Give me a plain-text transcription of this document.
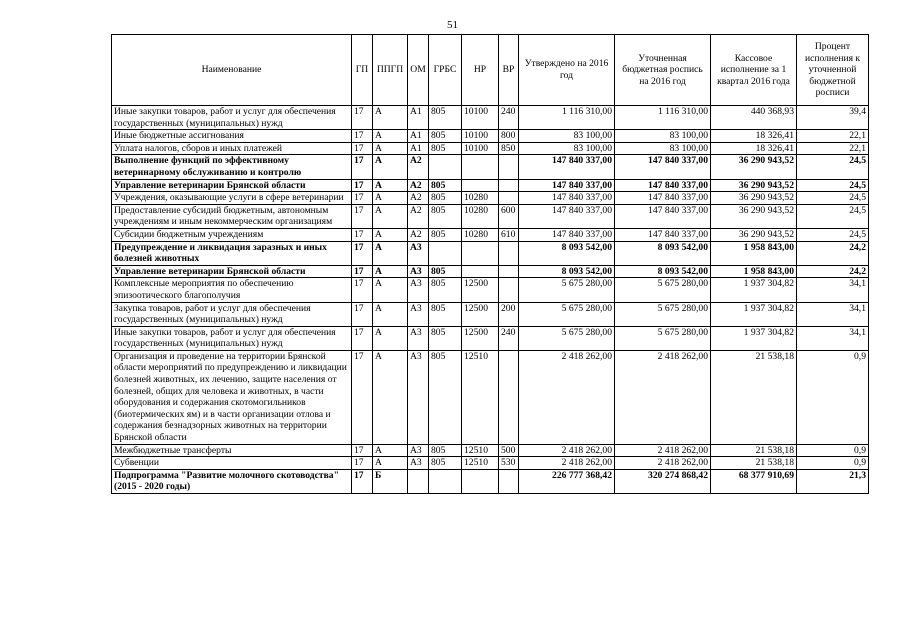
51
Наименование	ГП	ППГП	ОМ	ГРБС	НР	ВР	Утверждено на 2016 год	Уточненная бюджетная роспись на 2016 год	Кассовое исполнение за 1 квартал 2016 года	Процент исполнения к уточненной бюджетной росписи
Иные закупки товаров, работ и услуг для обеспечения государственных (муниципальных) нужд	17	А	А1	805	10100	240	1 116 310,00	1 116 310,00	440 368,93	39,4
Иные бюджетные ассигнования	17	А	А1	805	10100	800	83 100,00	83 100,00	18 326,41	22,1
Уплата налогов, сборов и иных платежей	17	А	А1	805	10100	850	83 100,00	83 100,00	18 326,41	22,1
Выполнение функций по эффективному ветеринарному обслуживанию и контролю	17	А	А2				147 840 337,00	147 840 337,00	36 290 943,52	24,5
Управление ветеринарии Брянской области	17	А	А2	805			147 840 337,00	147 840 337,00	36 290 943,52	24,5
Учреждения, оказывающие услуги в сфере ветеринарии	17	А	А2	805	10280		147 840 337,00	147 840 337,00	36 290 943,52	24,5
Предоставление субсидий бюджетным, автономным учреждениям и иным некоммерческим организациям	17	А	А2	805	10280	600	147 840 337,00	147 840 337,00	36 290 943,52	24,5
Субсидии бюджетным учреждениям	17	А	А2	805	10280	610	147 840 337,00	147 840 337,00	36 290 943,52	24,5
Предупреждение и ликвидация заразных и иных болезней животных	17	А	А3				8 093 542,00	8 093 542,00	1 958 843,00	24,2
Управление ветеринарии Брянской области	17	А	А3	805			8 093 542,00	8 093 542,00	1 958 843,00	24,2
Комплексные мероприятия по обеспечению эпизоотического благополучия	17	А	А3	805	12500		5 675 280,00	5 675 280,00	1 937 304,82	34,1
Закупка товаров, работ и услуг для обеспечения государственных (муниципальных) нужд	17	А	А3	805	12500	200	5 675 280,00	5 675 280,00	1 937 304,82	34,1
Иные закупки товаров, работ и услуг для обеспечения государственных (муниципальных) нужд	17	А	А3	805	12500	240	5 675 280,00	5 675 280,00	1 937 304,82	34,1
Организация и проведение на территории Брянской области мероприятий по предупреждению и ликвидации болезней животных, их лечению, защите населения от болезней, общих для человека и животных, в части оборудования и содержания скотомогильников (биотермических ям) и в части организации отлова и содержания безнадзорных животных на территории Брянской области	17	А	А3	805	12510		2 418 262,00	2 418 262,00	21 538,18	0,9
Межбюджетные трансферты	17	А	А3	805	12510	500	2 418 262,00	2 418 262,00	21 538,18	0,9
Субвенции	17	А	А3	805	12510	530	2 418 262,00	2 418 262,00	21 538,18	0,9
Подпрограмма "Развитие молочного скотоводства" (2015 - 2020 годы)	17	Б					226 777 368,42	320 274 868,42	68 377 910,69	21,3
